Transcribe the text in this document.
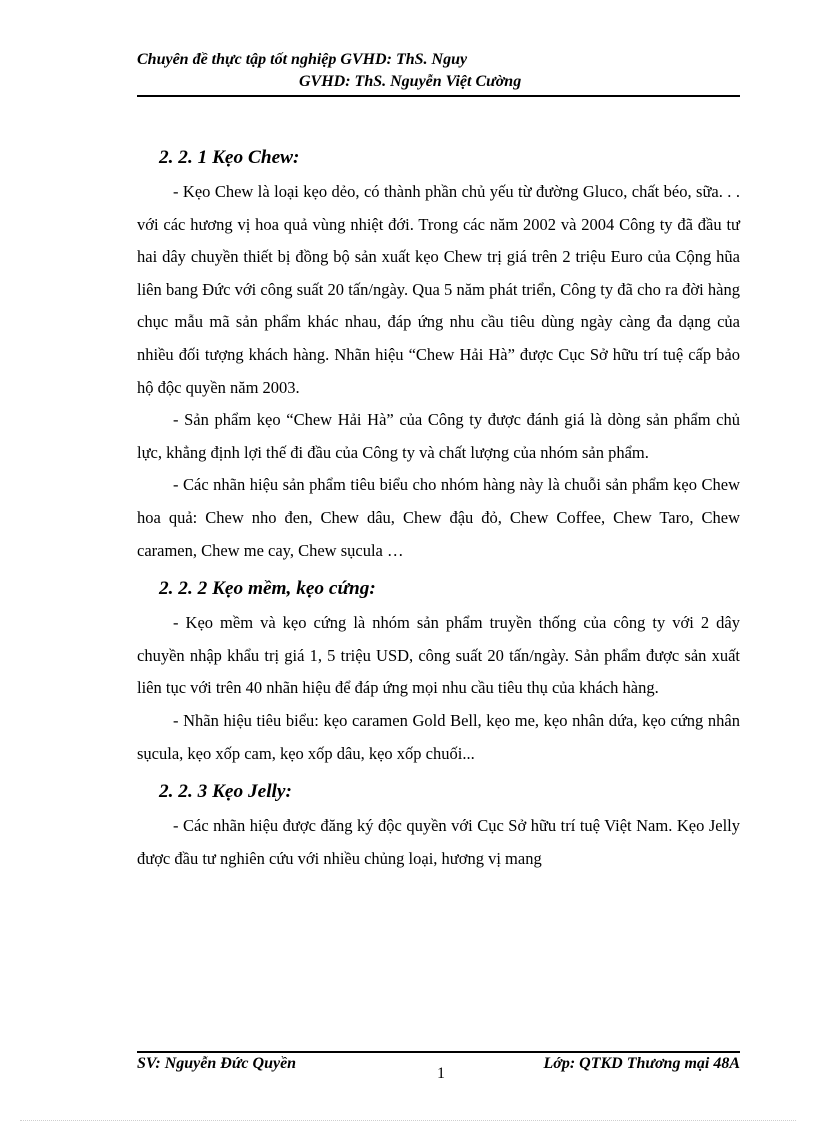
Chuyên đề thực tập tốt nghiệp GVHD: ThS. Nguy
GVHD: ThS. Nguyễn Việt Cường
2. 2. 1 Kẹo Chew:

- Kẹo Chew là loại kẹo dẻo, có thành phần chủ yếu từ đường Gluco, chất béo, sữa. . . với các hương vị hoa quả vùng nhiệt đới. Trong các năm 2002 và 2004 Công ty đã đầu tư hai dây chuyền thiết bị đồng bộ sản xuất kẹo Chew trị giá trên 2 triệu Euro của Cộng hũa liên bang Đức với công suất 20 tấn/ngày. Qua 5 năm phát triển, Công ty đã cho ra đời hàng chục mẫu mã sản phẩm khác nhau, đáp ứng nhu cầu tiêu dùng ngày càng đa dạng của nhiều đối tượng khách hàng. Nhãn hiệu “Chew Hải Hà” được Cục Sở hữu trí tuệ cấp bảo hộ độc quyền năm 2003.

- Sản phẩm kẹo “Chew Hải Hà” của Công ty được đánh giá là dòng sản phẩm chủ lực, khẳng định lợi thế đi đầu của Công ty và chất lượng của nhóm sản phẩm.

- Các nhãn hiệu sản phẩm tiêu biểu cho nhóm hàng này là chuỗi sản phẩm kẹo Chew hoa quả: Chew nho đen, Chew dâu, Chew đậu đỏ, Chew Coffee, Chew Taro, Chew caramen, Chew me cay, Chew sụcula …

2. 2. 2 Kẹo mềm, kẹo cứng:

- Kẹo mềm và kẹo cứng là nhóm sản phẩm truyền thống của công ty với 2 dây chuyền nhập khẩu trị giá 1, 5 triệu USD, công suất 20 tấn/ngày. Sản phẩm được sản xuất liên tục với trên 40 nhãn hiệu để đáp ứng mọi nhu cầu tiêu thụ của khách hàng.

- Nhãn hiệu tiêu biểu: kẹo caramen Gold Bell, kẹo me, kẹo nhân dứa, kẹo cứng nhân sụcula, kẹo xốp cam, kẹo xốp dâu, kẹo xốp chuối...

2. 2. 3 Kẹo Jelly:

- Các nhãn hiệu được đăng ký độc quyền với Cục Sở hữu trí tuệ Việt Nam. Kẹo Jelly được đầu tư nghiên cứu với nhiều chủng loại, hương vị mang

SV: Nguyễn Đức Quyền
1
Lớp: QTKD Thương mại 48A
